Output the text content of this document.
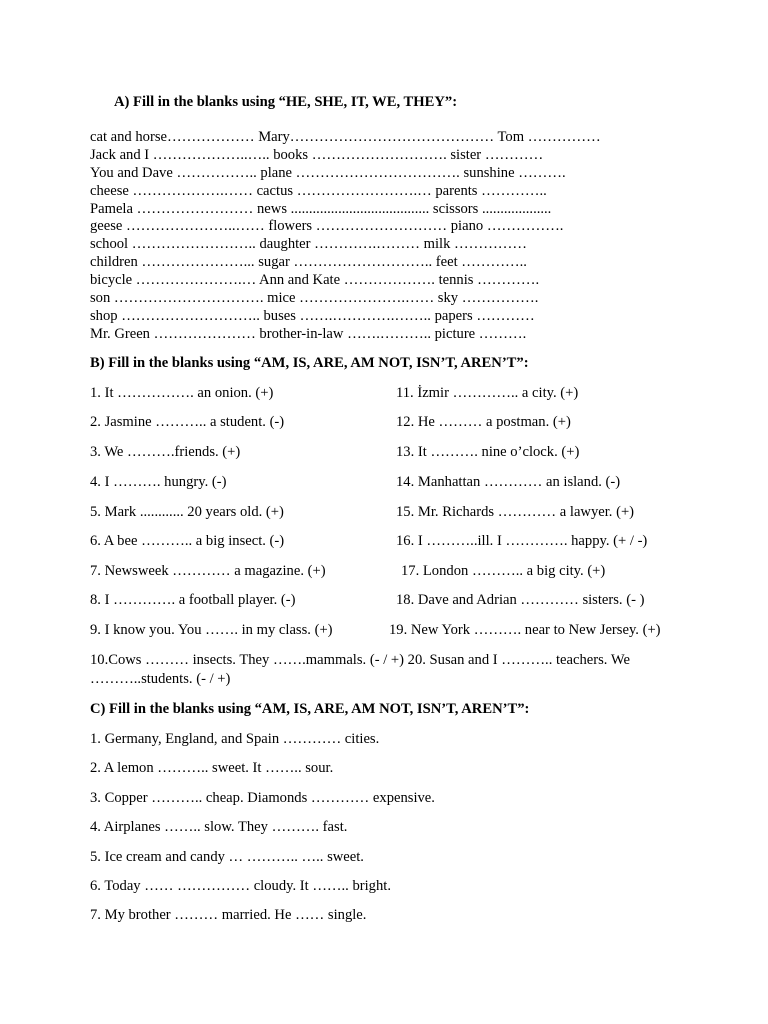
A) Fill in the blanks using “HE, SHE, IT, WE, THEY”:
cat and horse……………… Mary…………………………………… Tom ……………
Jack and I ………………..….. books ………………………. sister …………
You and Dave …………….. plane ……………………………. sunshine ……….
cheese ……………….…… cactus …………………….… parents …………..
Pamela …………………… news ...................................... scissors ...................
geese …………………..…… flowers ……………………… piano …………….
school …………………….. daughter ………….……… milk ……………
children …………………... sugar ……………………….. feet …………..
bicycle ………………….… Ann and Kate ………………. tennis ………….
son …………………………. mice ………………….…… sky …………….
shop ……………………….. buses …….………….…….. papers …………
Mr. Green ………………… brother-in-law …….……….. picture ……….
B) Fill in the blanks using “AM, IS, ARE, AM NOT, ISN’T, AREN’T”:
1. It ……………. an onion. (+)
2. Jasmine ……….. a student. (-)
3. We ……….friends. (+)
4. I ………. hungry. (-)
5. Mark ............ 20 years old. (+)
6. A bee ……….. a big insect. (-)
7. Newsweek ………… a magazine. (+)
8. I …………. a football player. (-)
9. I know you. You ……. in my class. (+)
10.Cows ……… insects. They …….mammals. (- / +) 20. Susan and I ……….. teachers. We ………..students. (- / +)
11. İzmir ………….. a city. (+)
12. He ……… a postman. (+)
13. It ………. nine o’clock. (+)
14. Manhattan ………… an island. (-)
15. Mr. Richards ………… a lawyer. (+)
16. I ………..ill. I …………. happy. (+ / -)
17. London ……….. a big city. (+)
18. Dave and Adrian ………… sisters. (- )
19. New York ………. near to New Jersey. (+)
C) Fill in the blanks using “AM, IS, ARE, AM NOT, ISN’T, AREN’T”:
1. Germany, England, and Spain ………… cities.
2. A lemon ……….. sweet. It …….. sour.
3. Copper ……….. cheap. Diamonds ………… expensive.
4. Airplanes …….. slow. They ………. fast.
5. Ice cream and candy … ……….. ….. sweet.
6. Today …… …………… cloudy. It …….. bright.
7. My brother ……… married. He …… single.
